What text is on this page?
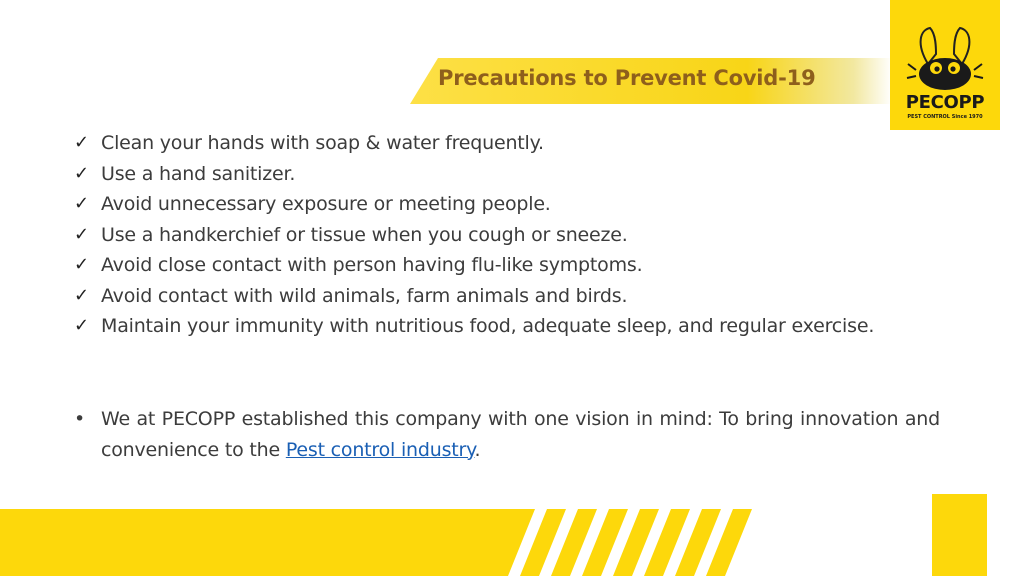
Precautions to Prevent Covid-19
PECOPP
PEST CONTROL Since 1970
✓ Clean your hands with soap & water frequently.
✓ Use a hand sanitizer.
✓ Avoid unnecessary exposure or meeting people.
✓ Use a handkerchief or tissue when you cough or sneeze.
✓ Avoid close contact with person having flu-like symptoms.
✓ Avoid contact with wild animals, farm animals and birds.
✓ Maintain your immunity with nutritious food, adequate sleep, and regular exercise.
• We at PECOPP established this company with one vision in mind: To bring innovation and convenience to the Pest control industry.
